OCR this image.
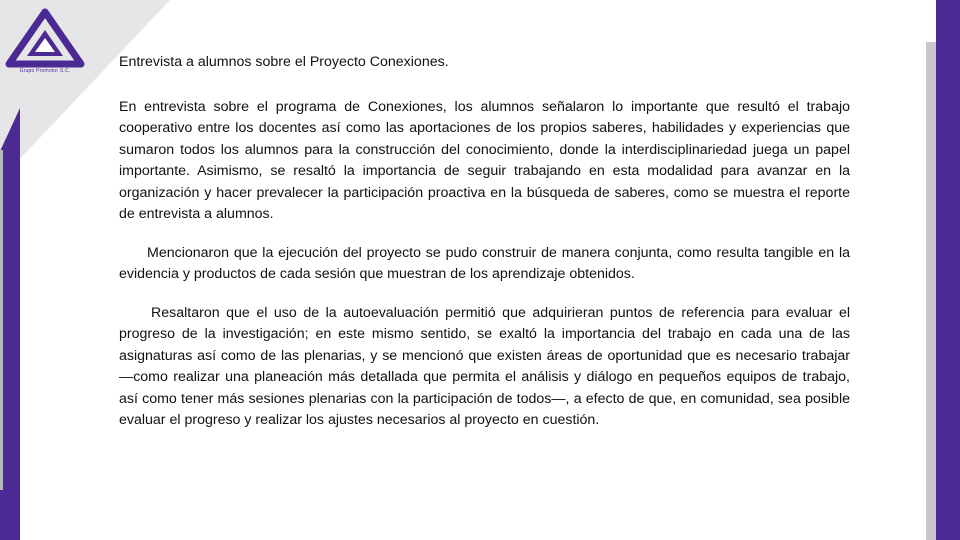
Grupo Promotor S.C.

Entrevista a alumnos sobre el Proyecto Conexiones.

En entrevista sobre el programa de Conexiones, los alumnos señalaron lo importante que resultó el trabajo cooperativo entre los docentes así como las aportaciones de los propios saberes, habilidades y experiencias que sumaron todos los alumnos para la construcción del conocimiento, donde la interdisciplinariedad juega un papel importante. Asimismo, se resaltó la importancia de seguir trabajando en esta modalidad para avanzar en la organización y hacer prevalecer la participación proactiva en la búsqueda de saberes, como se muestra el reporte de entrevista a alumnos.

Mencionaron que la ejecución del proyecto se pudo construir de manera conjunta, como resulta tangible en la evidencia y productos de cada sesión que muestran de los aprendizaje obtenidos.

Resaltaron que el uso de la autoevaluación permitió que adquirieran puntos de referencia para evaluar el progreso de la investigación; en este mismo sentido, se exaltó la importancia del trabajo en cada una de las asignaturas así como de las plenarias, y se mencionó que existen áreas de oportunidad que es necesario trabajar —como realizar una planeación más detallada que permita el análisis y diálogo en pequeños equipos de trabajo, así como tener más sesiones plenarias con la participación de todos—, a efecto de que, en comunidad, sea posible evaluar el progreso y realizar los ajustes necesarios al proyecto en cuestión.
